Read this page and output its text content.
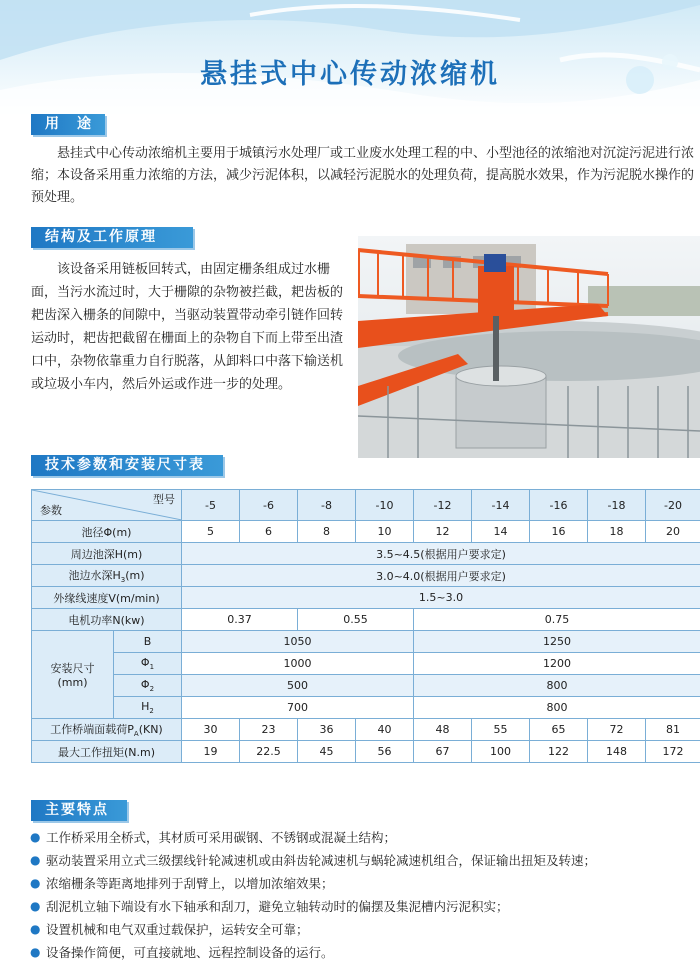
悬挂式中心传动浓缩机
用　途
悬挂式中心传动浓缩机主要用于城镇污水处理厂或工业废水处理工程的中、小型池径的浓缩池对沉淀污泥进行浓缩；本设备采用重力浓缩的方法，减少污泥体积，以减轻污泥脱水的处理负荷，提高脱水效果，作为污泥脱水操作的预处理。
结构及工作原理
该设备采用链板回转式，由固定栅条组成过水栅面，当污水流过时，大于栅隙的杂物被拦截，耙齿板的耙齿深入栅条的间隙中，当驱动装置带动牵引链作回转运动时，耙齿把截留在栅面上的杂物自下而上带至出渣口中，杂物依靠重力自行脱落，从卸料口中落下输送机或垃圾小车内，然后外运或作进一步的处理。
技术参数和安装尺寸表
型号
参数		-5	-6	-8	-10	-12	-14	-16	-18	-20
池径Φ(m)		5	6	8	10	12	14	16	18	20
周边池深H(m)		3.5~4.5(根据用户要求定)								
池边水深$H_3(m)$		3.0~4.0(根据用户要求定)								
外缘线速度V(m/min)		1.5~3.0								
电机功率N(kw)		0.37		0.55		0.75				
安装尺寸
(mm)	B	1050				1250				
	$\Phi_1$	1000				1200				
	$\Phi_2$	500				800				
	$H_2$	700				800				
工作桥端面载荷$P_A(KN)$		30	23	36	40	48	55	65	72	81
最大工作扭矩(N.m)		19	22.5	45	56	67	100	122	148	172
主要特点
● 工作桥采用全桥式，其材质可采用碳钢、不锈钢或混凝土结构；
● 驱动装置采用立式三级摆线针轮减速机或由斜齿轮减速机与蜗轮减速机组合，保证输出扭矩及转速；
● 浓缩栅条等距离地排列于刮臂上，以增加浓缩效果；
● 刮泥机立轴下端设有水下轴承和刮刀，避免立轴转动时的偏摆及集泥槽内污泥积实；
● 设置机械和电气双重过载保护，运转安全可靠；
● 设备操作简便，可直接就地、远程控制设备的运行。
